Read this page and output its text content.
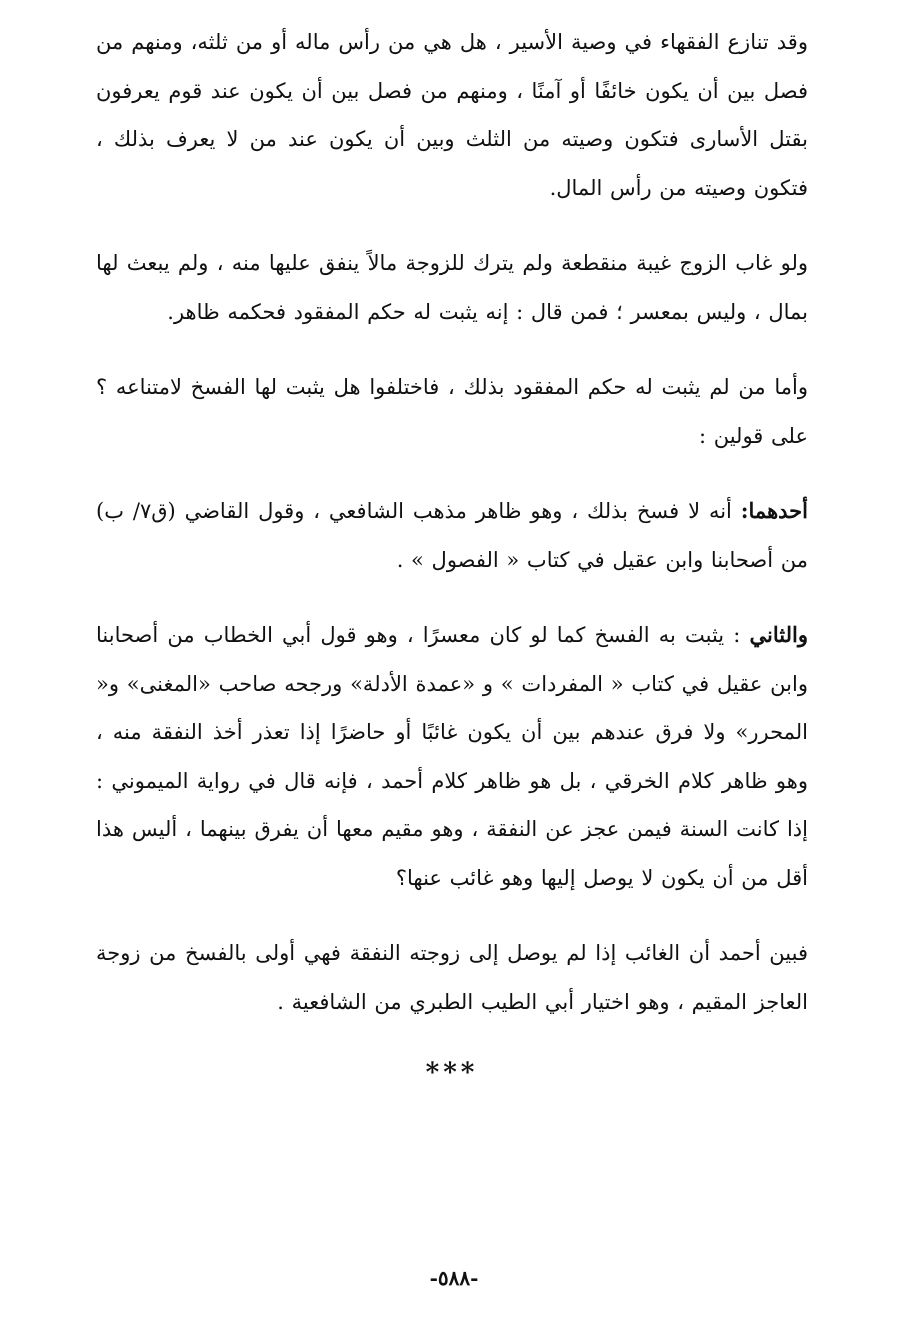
وقد تنازع الفقهاء في وصية الأسير ، هل هي من رأس ماله أو من ثلثه، ومنهم من فصل بين أن يكون خائفًا أو آمنًا ، ومنهم من فصل بين أن يكون عند قوم يعرفون بقتل الأسارى فتكون وصيته من الثلث وبين أن يكون عند من لا يعرف بذلك ، فتكون وصيته من رأس المال.

ولو غاب الزوج غيبة منقطعة ولم يترك للزوجة مالاً ينفق عليها منه ، ولم يبعث لها بمال ، وليس بمعسر ؛ فمن قال : إنه يثبت له حكم المفقود فحكمه ظاهر.

وأما من لم يثبت له حكم المفقود بذلك ، فاختلفوا هل يثبت لها الفسخ لامتناعه ؟ على قولين :

أحدهما: أنه لا فسخ بذلك ، وهو ظاهر مذهب الشافعي ، وقول القاضي (ق٧/ ب) من أصحابنا وابن عقيل في كتاب « الفصول » .

والثاني : يثبت به الفسخ كما لو كان معسرًا ، وهو قول أبي الخطاب من أصحابنا وابن عقيل في كتاب « المفردات » و «عمدة الأدلة» ورجحه صاحب «المغنى» و« المحرر» ولا فرق عندهم بين أن يكون غائبًا أو حاضرًا إذا تعذر أخذ النفقة منه ، وهو ظاهر كلام الخرقي ، بل هو ظاهر كلام أحمد ، فإنه قال في رواية الميموني : إذا كانت السنة فيمن عجز عن النفقة ، وهو مقيم معها أن يفرق بينهما ، أليس هذا أقل من أن يكون لا يوصل إليها وهو غائب عنها؟

فبين أحمد أن الغائب إذا لم يوصل إلى زوجته النفقة فهي أولى بالفسخ من زوجة العاجز المقيم ، وهو اختيار أبي الطيب الطبري من الشافعية .

***
-٥٨٨-
